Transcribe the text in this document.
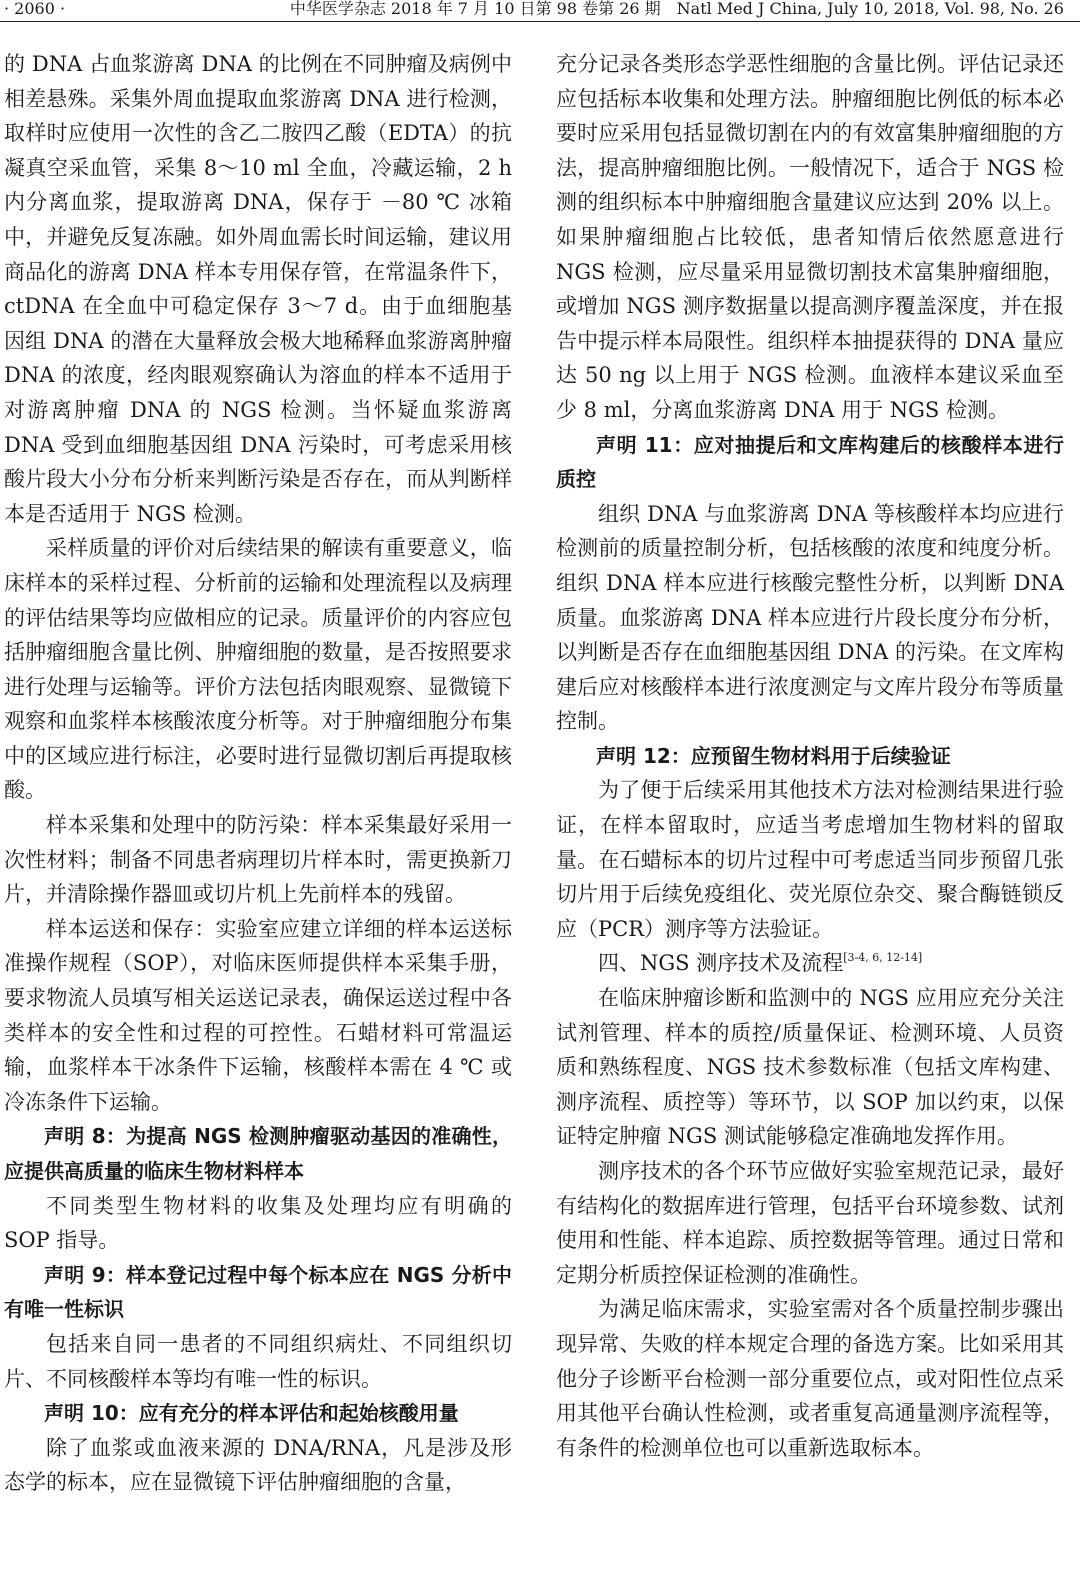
· 2060 ·	中华医学杂志 2018 年 7 月 10 日第 98 卷第 26 期　Natl Med J China, July 10, 2018, Vol. 98, No. 26

的 DNA 占血浆游离 DNA 的比例在不同肿瘤及病例中相差悬殊。采集外周血提取血浆游离 DNA 进行检测，取样时应使用一次性的含乙二胺四乙酸（EDTA）的抗凝真空采血管，采集 8～10 ml 全血，冷藏运输，2 h 内分离血浆，提取游离 DNA，保存于 －80 ℃ 冰箱中，并避免反复冻融。如外周血需长时间运输，建议用商品化的游离 DNA 样本专用保存管，在常温条件下，ctDNA 在全血中可稳定保存 3～7 d。由于血细胞基因组 DNA 的潜在大量释放会极大地稀释血浆游离肿瘤 DNA 的浓度，经肉眼观察确认为溶血的样本不适用于对游离肿瘤 DNA 的 NGS 检测。当怀疑血浆游离 DNA 受到血细胞基因组 DNA 污染时，可考虑采用核酸片段大小分布分析来判断污染是否存在，而从判断样本是否适用于 NGS 检测。

采样质量的评价对后续结果的解读有重要意义，临床样本的采样过程、分析前的运输和处理流程以及病理的评估结果等均应做相应的记录。质量评价的内容应包括肿瘤细胞含量比例、肿瘤细胞的数量，是否按照要求进行处理与运输等。评价方法包括肉眼观察、显微镜下观察和血浆样本核酸浓度分析等。对于肿瘤细胞分布集中的区域应进行标注，必要时进行显微切割后再提取核酸。

样本采集和处理中的防污染：样本采集最好采用一次性材料；制备不同患者病理切片样本时，需更换新刀片，并清除操作器皿或切片机上先前样本的残留。

样本运送和保存：实验室应建立详细的样本运送标准操作规程（SOP），对临床医师提供样本采集手册，要求物流人员填写相关运送记录表，确保运送过程中各类样本的安全性和过程的可控性。石蜡材料可常温运输，血浆样本干冰条件下运输，核酸样本需在 4 ℃ 或冷冻条件下运输。

声明 8：为提高 NGS 检测肿瘤驱动基因的准确性，应提供高质量的临床生物材料样本

不同类型生物材料的收集及处理均应有明确的 SOP 指导。

声明 9：样本登记过程中每个标本应在 NGS 分析中有唯一性标识

包括来自同一患者的不同组织病灶、不同组织切片、不同核酸样本等均有唯一性的标识。

声明 10：应有充分的样本评估和起始核酸用量

除了血浆或血液来源的 DNA/RNA，凡是涉及形态学的标本，应在显微镜下评估肿瘤细胞的含量，

充分记录各类形态学恶性细胞的含量比例。评估记录还应包括标本收集和处理方法。肿瘤细胞比例低的标本必要时应采用包括显微切割在内的有效富集肿瘤细胞的方法，提高肿瘤细胞比例。一般情况下，适合于 NGS 检测的组织标本中肿瘤细胞含量建议应达到 20% 以上。如果肿瘤细胞占比较低，患者知情后依然愿意进行 NGS 检测，应尽量采用显微切割技术富集肿瘤细胞，或增加 NGS 测序数据量以提高测序覆盖深度，并在报告中提示样本局限性。组织样本抽提获得的 DNA 量应达 50 ng 以上用于 NGS 检测。血液样本建议采血至少 8 ml，分离血浆游离 DNA 用于 NGS 检测。

声明 11：应对抽提后和文库构建后的核酸样本进行质控

组织 DNA 与血浆游离 DNA 等核酸样本均应进行检测前的质量控制分析，包括核酸的浓度和纯度分析。组织 DNA 样本应进行核酸完整性分析，以判断 DNA 质量。血浆游离 DNA 样本应进行片段长度分布分析，以判断是否存在血细胞基因组 DNA 的污染。在文库构建后应对核酸样本进行浓度测定与文库片段分布等质量控制。

声明 12：应预留生物材料用于后续验证

为了便于后续采用其他技术方法对检测结果进行验证，在样本留取时，应适当考虑增加生物材料的留取量。在石蜡标本的切片过程中可考虑适当同步预留几张切片用于后续免疫组化、荧光原位杂交、聚合酶链锁反应（PCR）测序等方法验证。

四、NGS 测序技术及流程[3-4, 6, 12-14]

在临床肿瘤诊断和监测中的 NGS 应用应充分关注试剂管理、样本的质控/质量保证、检测环境、人员资质和熟练程度、NGS 技术参数标准（包括文库构建、测序流程、质控等）等环节，以 SOP 加以约束，以保证特定肿瘤 NGS 测试能够稳定准确地发挥作用。

测序技术的各个环节应做好实验室规范记录，最好有结构化的数据库进行管理，包括平台环境参数、试剂使用和性能、样本追踪、质控数据等管理。通过日常和定期分析质控保证检测的准确性。

为满足临床需求，实验室需对各个质量控制步骤出现异常、失败的样本规定合理的备选方案。比如采用其他分子诊断平台检测一部分重要位点，或对阳性位点采用其他平台确认性检测，或者重复高通量测序流程等，有条件的检测单位也可以重新选取标本。
